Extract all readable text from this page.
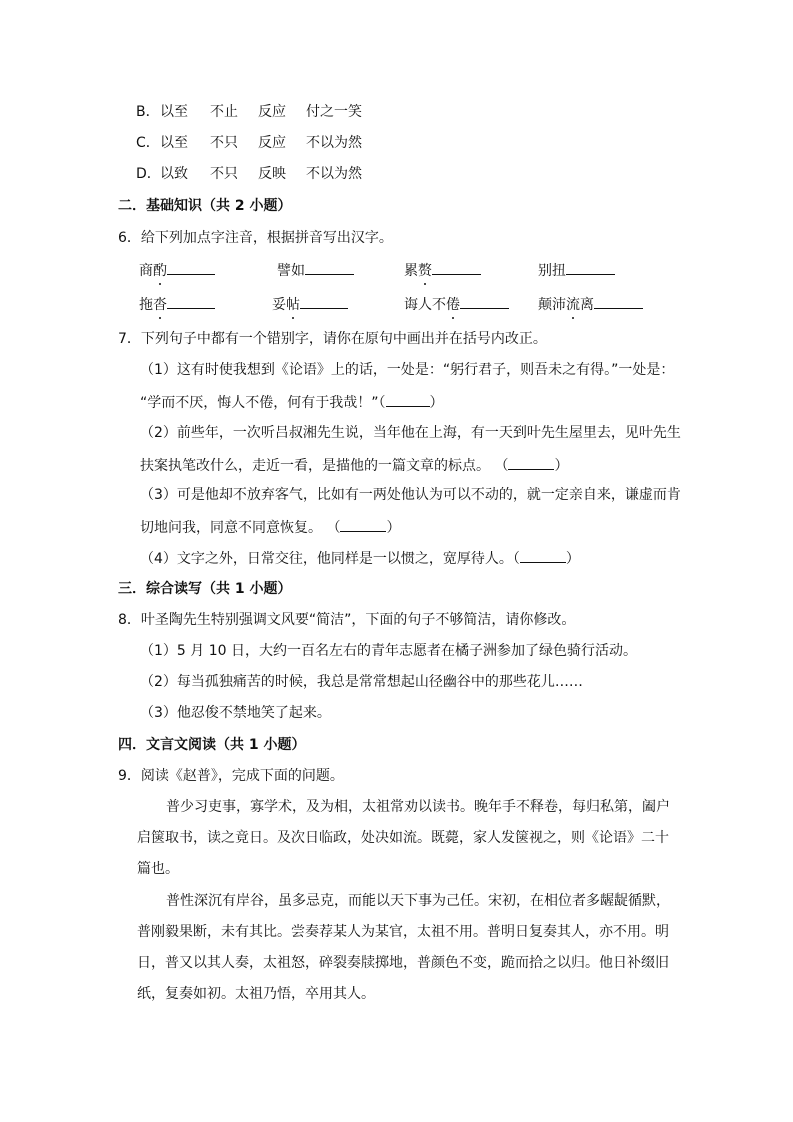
B．以至 不止 反应 付之一笑
C．以至 不只 反应 不以为然
D．以致 不只 反映 不以为然
二．基础知识（共 2 小题）
6．给下列加点字注音，根据拼音写出汉字。
商酌	譬如	累赘	别扭
拖沓	妥帖	诲人不倦	颠沛流离
7．下列句子中都有一个错别字，请你在原句中画出并在括号内改正。
（1）这有时使我想到《论语》上的话，一处是：“躬行君子，则吾未之有得。”一处是：
“学而不厌，悔人不倦，何有于我哉！”（	）
（2）前些年，一次听吕叔湘先生说，当年他在上海，有一天到叶先生屋里去，见叶先生
扶案执笔改什么，走近一看，是描他的一篇文章的标点。 （	）
（3）可是他却不放弃客气，比如有一两处他认为可以不动的，就一定亲自来，谦虚而肯
切地问我，同意不同意恢复。 （	）
（4）文字之外，日常交往，他同样是一以惯之，宽厚待人。（	）
三．综合读写（共 1 小题）
8．叶圣陶先生特别强调文风要“简洁”，下面的句子不够简洁，请你修改。
（1）5 月 10 日，大约一百名左右的青年志愿者在橘子洲参加了绿色骑行活动。
（2）每当孤独痛苦的时候，我总是常常想起山径幽谷中的那些花儿……
（3）他忍俊不禁地笑了起来。
四．文言文阅读（共 1 小题）
9．阅读《赵普》，完成下面的问题。
普少习吏事，寡学术，及为相，太祖常劝以读书。晚年手不释卷，每归私第，阖户
启箧取书，读之竟日。及次日临政，处决如流。既薨，家人发箧视之，则《论语》二十
篇也。
普性深沉有岸谷，虽多忌克，而能以天下事为己任。宋初，在相位者多龌龊循默，
普刚毅果断，未有其比。尝奏荐某人为某官，太祖不用。普明日复奏其人，亦不用。明
日，普又以其人奏，太祖怒，碎裂奏牍掷地，普颜色不变，跪而拾之以归。他日补缀旧
纸，复奏如初。太祖乃悟，卒用其人。
